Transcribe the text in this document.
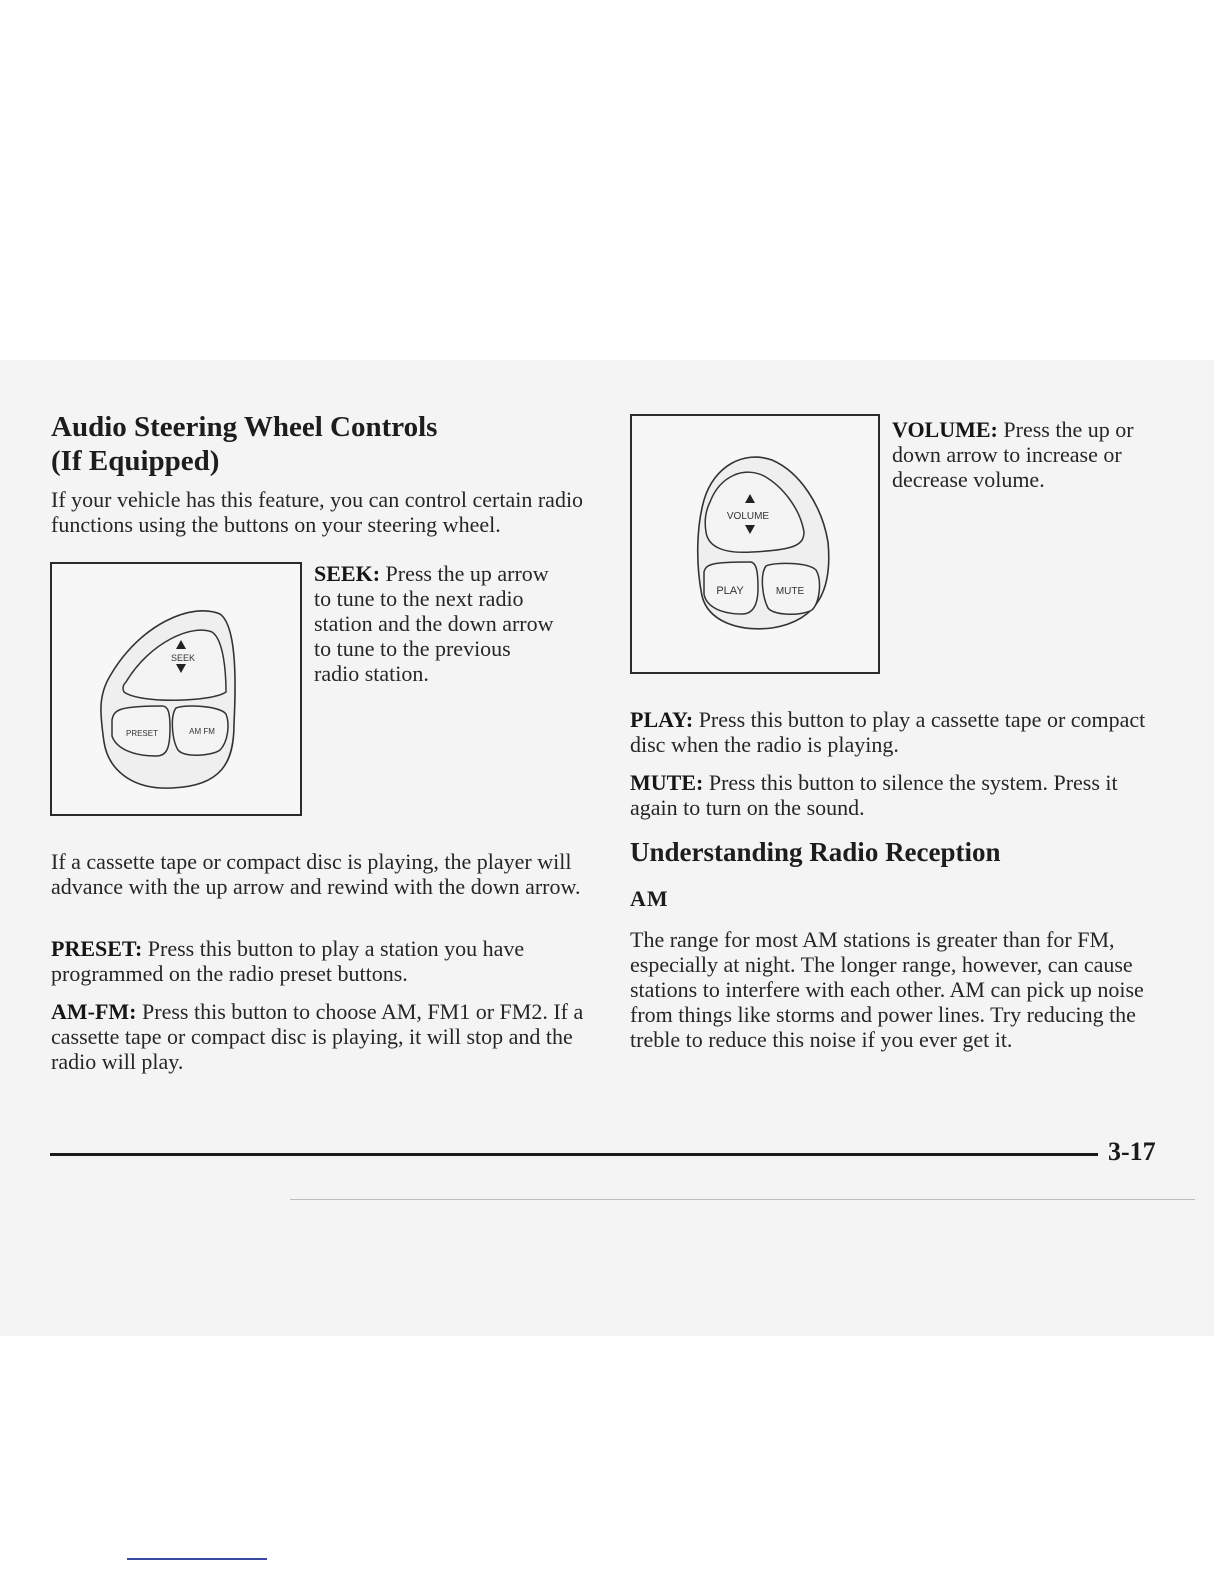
Audio Steering Wheel Controls
(If Equipped)

If your vehicle has this feature, you can control certain radio functions using the buttons on your steering wheel.

SEEK
PRESET	AM FM
SEEK: Press the up arrow
to tune to the next radio
station and the down arrow
to tune to the previous
radio station.

If a cassette tape or compact disc is playing, the player will advance with the up arrow and rewind with the down arrow.

PRESET: Press this button to play a station you have programmed on the radio preset buttons.

AM-FM: Press this button to choose AM, FM1 or FM2. If a cassette tape or compact disc is playing, it will stop and the radio will play.

VOLUME
PLAY	MUTE
VOLUME: Press the up or
down arrow to increase or
decrease volume.

PLAY: Press this button to play a cassette tape or compact disc when the radio is playing.

MUTE: Press this button to silence the system. Press it again to turn on the sound.

Understanding Radio Reception
AM

The range for most AM stations is greater than for FM, especially at night. The longer range, however, can cause stations to interfere with each other. AM can pick up noise from things like storms and power lines. Try reducing the treble to reduce this noise if you ever get it.

3-17
